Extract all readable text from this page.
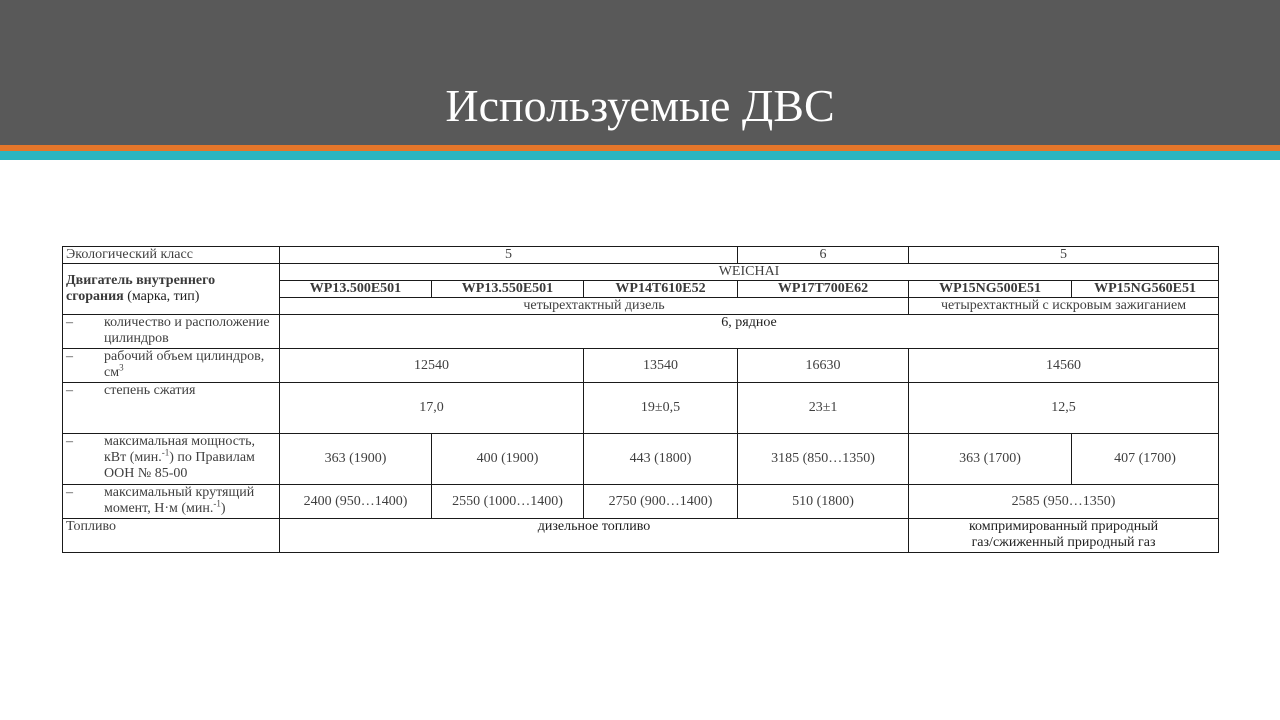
Используемые ДВС
Экологический класс	5			6	5	
Двигатель внутреннего сгорания (марка, тип)	WEICHAI					
	WP13.500E501	WP13.550E501	WP14T610E52	WP17T700E62	WP15NG500E51	WP15NG560E51
	четырехтактный дизель				четырехтактный с искровым зажиганием	

– количество и расположение цилиндров	6, рядное					

– рабочий объем цилиндров, $см^3$	12540		13540	16630	14560	

– степень сжатия	17,0		19±0,5	23±1	12,5	

– максимальная мощность, кВт (мин.$^{-1}$) по Правилам ООН № 85-00	363 (1900)	400 (1900)	443 (1800)	3185 (850…1350)	363 (1700)	407 (1700)

– максимальный крутящий момент, Н·м (мин.$^{-1}$)	2400 (950…1400)	2550 (1000…1400)	2750 (900…1400)	510 (1800)	2585 (950…1350)	
Топливо	дизельное топливо				компримированный природный
газ/сжиженный природный газ	
